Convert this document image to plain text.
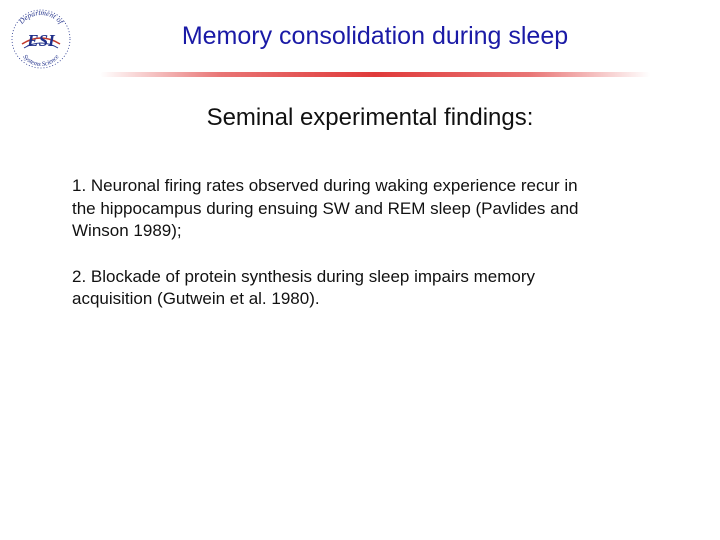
Department of
Systems Science
ESI	Memory consolidation during sleep
Seminal experimental findings:

1. Neuronal firing rates observed during waking experience recur in
the hippocampus during ensuing SW and REM sleep (Pavlides and
Winson 1989);

2. Blockade of protein synthesis during sleep impairs memory
acquisition (Gutwein et al. 1980).
